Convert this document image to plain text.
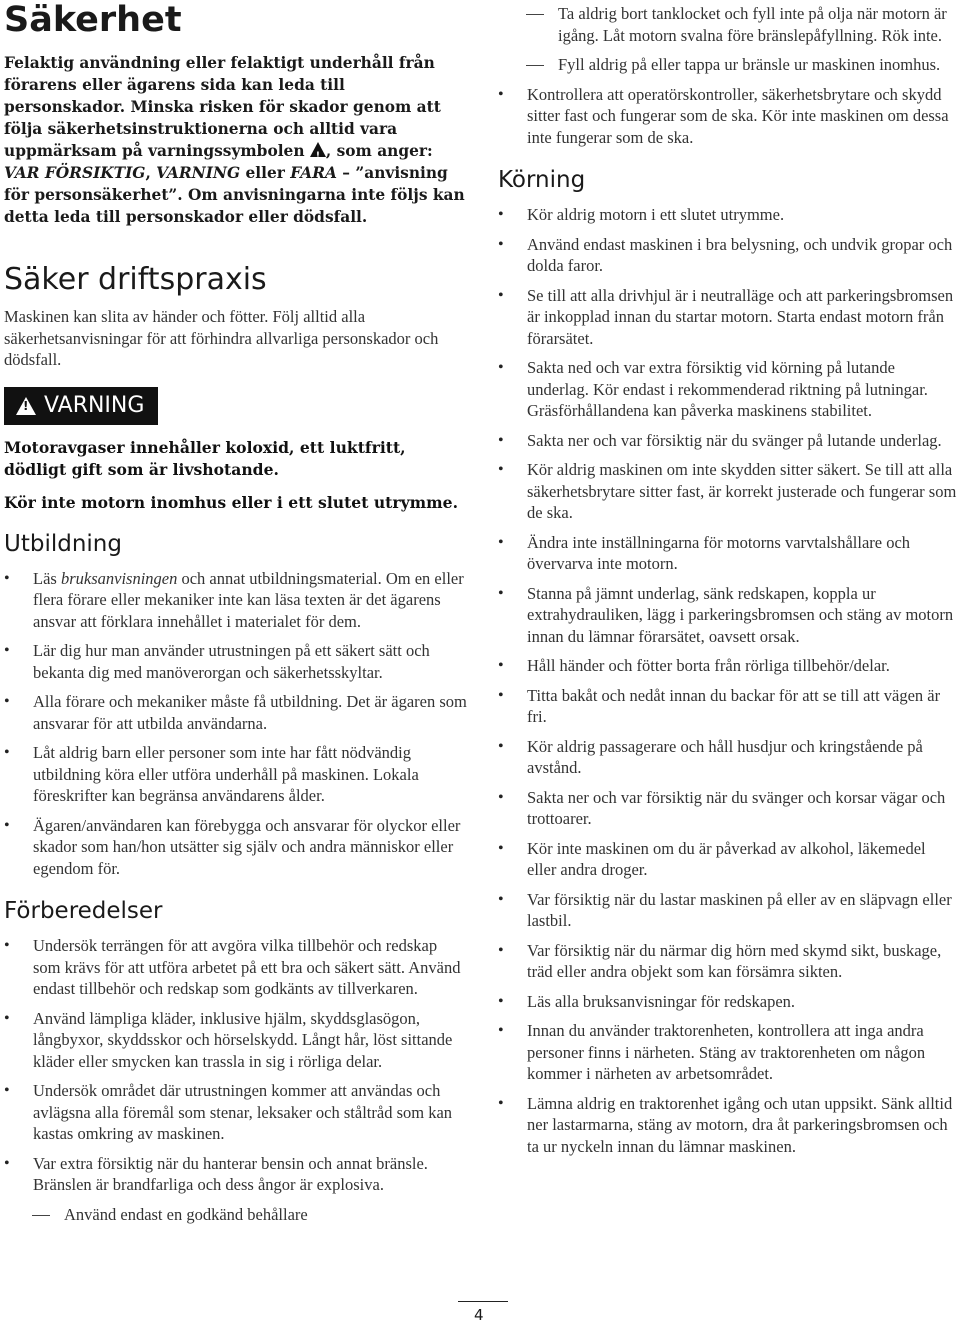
Säkerhet

Felaktig användning eller felaktigt underhåll från förarens eller ägarens sida kan leda till personskador. Minska risken för skador genom att följa säkerhetsinstruktionerna och alltid vara uppmärksam på varningssymbolen ! , som anger: VAR FÖRSIKTIG, VARNING eller FARA – ”anvisning för personsäkerhet”. Om anvisningarna inte följs kan detta leda till personskador eller dödsfall.

Säker driftspraxis

Maskinen kan slita av händer och fötter. Följ alltid alla säkerhetsanvisningar för att förhindra allvarliga personskador och dödsfall.

! VARNING

Motoravgaser innehåller koloxid, ett luktfritt, dödligt gift som är livshotande.

Kör inte motorn inomhus eller i ett slutet utrymme.

Utbildning
• Läs bruksanvisningen och annat utbildningsmaterial. Om en eller flera förare eller mekaniker inte kan läsa texten är det ägarens ansvar att förklara innehållet i materialet för dem.
• Lär dig hur man använder utrustningen på ett säkert sätt och bekanta dig med manöverorgan och säkerhetsskyltar.
• Alla förare och mekaniker måste få utbildning. Det är ägaren som ansvarar för att utbilda användarna.
• Låt aldrig barn eller personer som inte har fått nödvändig utbildning köra eller utföra underhåll på maskinen. Lokala föreskrifter kan begränsa användarens ålder.
• Ägaren/användaren kan förebygga och ansvarar för olyckor eller skador som han/hon utsätter sig själv och andra människor eller egendom för.
Förberedelser
• Undersök terrängen för att avgöra vilka tillbehör och redskap som krävs för att utföra arbetet på ett bra och säkert sätt. Använd endast tillbehör och redskap som godkänts av tillverkaren.
• Använd lämpliga kläder, inklusive hjälm, skyddsglasögon, långbyxor, skyddsskor och hörselskydd. Långt hår, löst sittande kläder eller smycken kan trassla in sig i rörliga delar.
• Undersök området där utrustningen kommer att användas och avlägsna alla föremål som stenar, leksaker och ståltråd som kan kastas omkring av maskinen.
• Var extra försiktig när du hanterar bensin och annat bränsle. Bränslen är brandfarliga och dess ångor är explosiva.
Använd endast en godkänd behållare
Ta aldrig bort tanklocket och fyll inte på olja när motorn är igång. Låt motorn svalna före bränslepåfyllning. Rök inte.
Fyll aldrig på eller tappa ur bränsle ur maskinen inomhus.
• Kontrollera att operatörskontroller, säkerhetsbrytare och skydd sitter fast och fungerar som de ska. Kör inte maskinen om dessa inte fungerar som de ska.
Körning
• Kör aldrig motorn i ett slutet utrymme.
• Använd endast maskinen i bra belysning, och undvik gropar och dolda faror.
• Se till att alla drivhjul är i neutralläge och att parkeringsbromsen är inkopplad innan du startar motorn. Starta endast motorn från förarsätet.
• Sakta ned och var extra försiktig vid körning på lutande underlag. Kör endast i rekommenderad riktning på lutningar. Gräsförhållandena kan påverka maskinens stabilitet.
• Sakta ner och var försiktig när du svänger på lutande underlag.
• Kör aldrig maskinen om inte skydden sitter säkert. Se till att alla säkerhetsbrytare sitter fast, är korrekt justerade och fungerar som de ska.
• Ändra inte inställningarna för motorns varvtalshållare och övervarva inte motorn.
• Stanna på jämnt underlag, sänk redskapen, koppla ur extrahydrauliken, lägg i parkeringsbromsen och stäng av motorn innan du lämnar förarsätet, oavsett orsak.
• Håll händer och fötter borta från rörliga tillbehör/delar.
• Titta bakåt och nedåt innan du backar för att se till att vägen är fri.
• Kör aldrig passagerare och håll husdjur och kringstående på avstånd.
• Sakta ner och var försiktig när du svänger och korsar vägar och trottoarer.
• Kör inte maskinen om du är påverkad av alkohol, läkemedel eller andra droger.
• Var försiktig när du lastar maskinen på eller av en släpvagn eller lastbil.
• Var försiktig när du närmar dig hörn med skymd sikt, buskage, träd eller andra objekt som kan försämra sikten.
• Läs alla bruksanvisningar för redskapen.
• Innan du använder traktorenheten, kontrollera att inga andra personer finns i närheten. Stäng av traktorenheten om någon kommer i närheten av arbetsområdet.
• Lämna aldrig en traktorenhet igång och utan uppsikt. Sänk alltid ner lastarmarna, stäng av motorn, dra åt parkeringsbromsen och ta ur nyckeln innan du lämnar maskinen.
4
